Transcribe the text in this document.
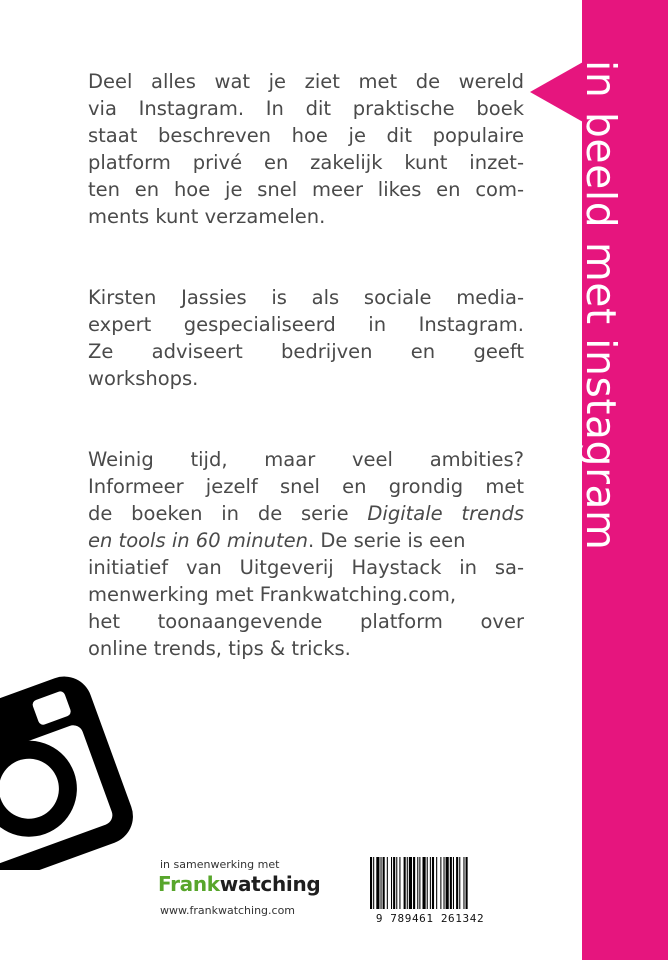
in beeld met instagram
Deel alles wat je ziet met de wereld
via Instagram. In dit praktische boek
staat beschreven hoe je dit populaire
platform privé en zakelijk kunt inzet-
ten en hoe je snel meer likes en com-
ments kunt verzamelen.
Kirsten Jassies is als sociale media-
expert gespecialiseerd in Instagram.
Ze adviseert bedrijven en geeft
workshops.
Weinig tijd, maar veel ambities?
Informeer jezelf snel en grondig met
de boeken in de serie Digitale trends
en tools in 60 minuten. De serie is een
initiatief van Uitgeverij Haystack in sa-
menwerking met Frankwatching.com,
het toonaangevende platform over
online trends, tips & tricks.
in samenwerking met
Frankwatching
www.frankwatching.com
9 789461 261342
